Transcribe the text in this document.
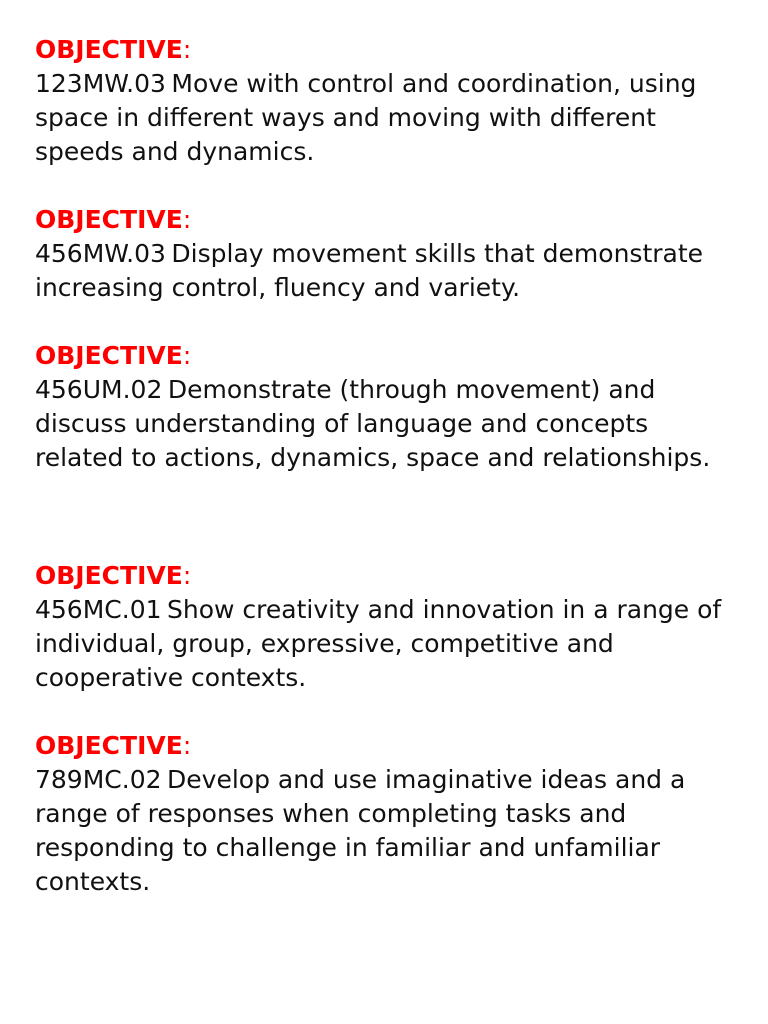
OBJECTIVE:
123MW.03 Move with control and coordination, using space in different ways and moving with different speeds and dynamics.
OBJECTIVE:
456MW.03 Display movement skills that demonstrate increasing control, fluency and variety.
OBJECTIVE:
456UM.02 Demonstrate (through movement) and discuss understanding of language and concepts related to actions, dynamics, space and relationships.
OBJECTIVE:
456MC.01 Show creativity and innovation in a range of individual, group, expressive, competitive and cooperative contexts.
OBJECTIVE:
789MC.02 Develop and use imaginative ideas and a range of responses when completing tasks and responding to challenge in familiar and unfamiliar contexts.
